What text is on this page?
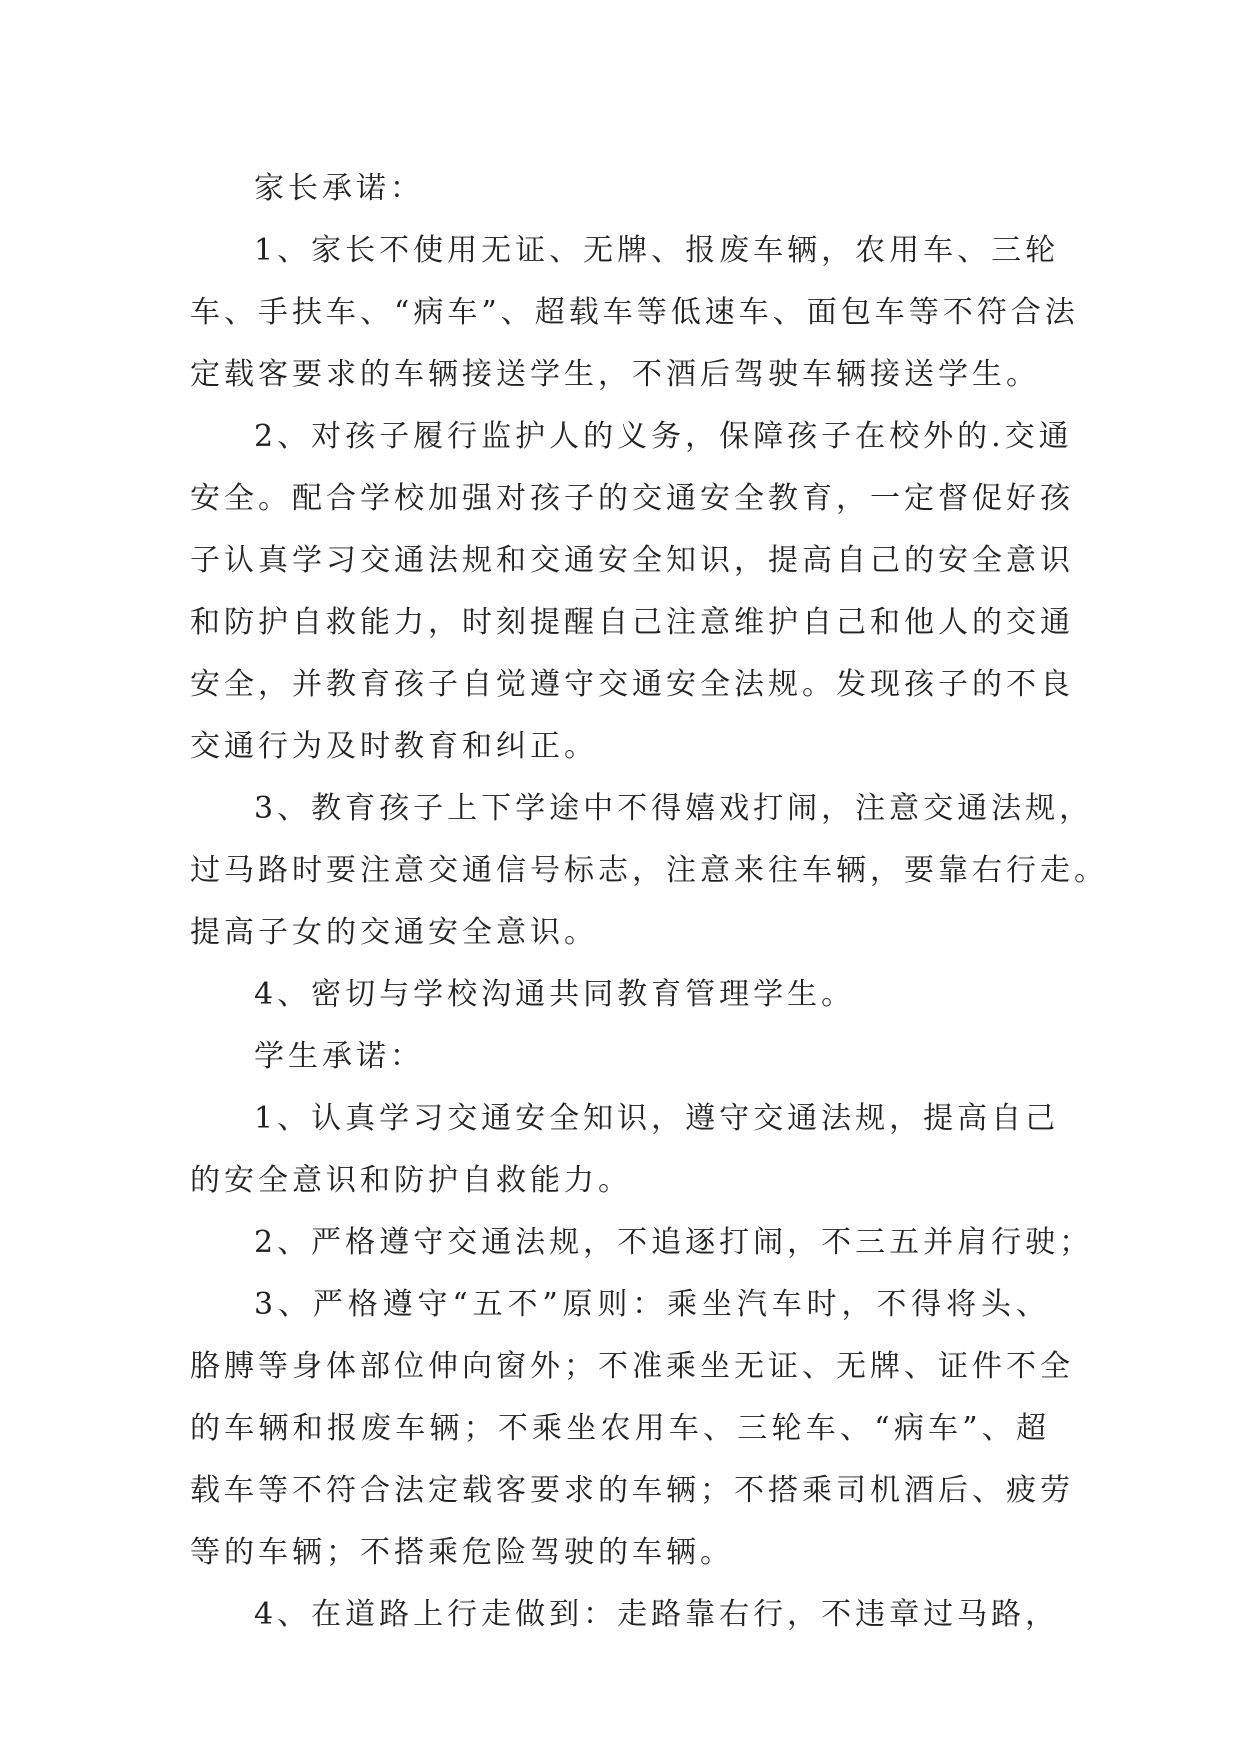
家长承诺：
1 、 家 长 不 使 用 无 证 、 无 牌 、 报 废 车 辆 ， 农 用 车 、 三 轮
车 、 手 扶 车 、 “ 病 车 ” 、 超 载 车 等 低 速 车 、 面 包 车 等 不 符 合 法
定载客要求的车辆接送学生，不酒后驾驶车辆接送学生。
2 、 对 孩 子 履 行 监 护 人 的 义 务 ， 保 障 孩 子 在 校 外 的 . 交 通
安 全 。 配 合 学 校 加 强 对 孩 子 的 交 通 安 全 教 育 ， 一 定 督 促 好 孩
子 认 真 学 习 交 通 法 规 和 交 通 安 全 知 识 ， 提 高 自 己 的 安 全 意 识
和 防 护 自 救 能 力 ， 时 刻 提 醒 自 己 注 意 维 护 自 己 和 他 人 的 交 通
安 全 ， 并 教 育 孩 子 自 觉 遵 守 交 通 安 全 法 规 。 发 现 孩 子 的 不 良
交通行为及时教育和纠正。
3 、 教 育 孩 子 上 下 学 途 中 不 得 嬉 戏 打 闹 ， 注 意 交 通 法 规 ，
过 马 路 时 要 注 意 交 通 信 号 标 志 ， 注 意 来 往 车 辆 ， 要 靠 右 行 走 。
提高子女的交通安全意识。
4、密切与学校沟通共同教育管理学生。
学生承诺：
1 、 认 真 学 习 交 通 安 全 知 识 ， 遵 守 交 通 法 规 ， 提 高 自 己
的安全意识和防护自救能力。
2 、 严 格 遵 守 交 通 法 规 ， 不 追 逐 打 闹 ， 不 三 五 并 肩 行 驶 ；
3 、 严 格 遵 守 “ 五 不 ” 原 则 ： 乘 坐 汽 车 时 ， 不 得 将 头 、
胳 膊 等 身 体 部 位 伸 向 窗 外 ； 不 准 乘 坐 无 证 、 无 牌 、 证 件 不 全
的 车 辆 和 报 废 车 辆 ； 不 乘 坐 农 用 车 、 三 轮 车 、 “ 病 车 ” 、 超
载 车 等 不 符 合 法 定 载 客 要 求 的 车 辆 ； 不 搭 乘 司 机 酒 后 、 疲 劳
等的车辆；不搭乘危险驾驶的车辆。
4 、 在 道 路 上 行 走 做 到 ： 走 路 靠 右 行 ， 不 违 章 过 马 路 ，
